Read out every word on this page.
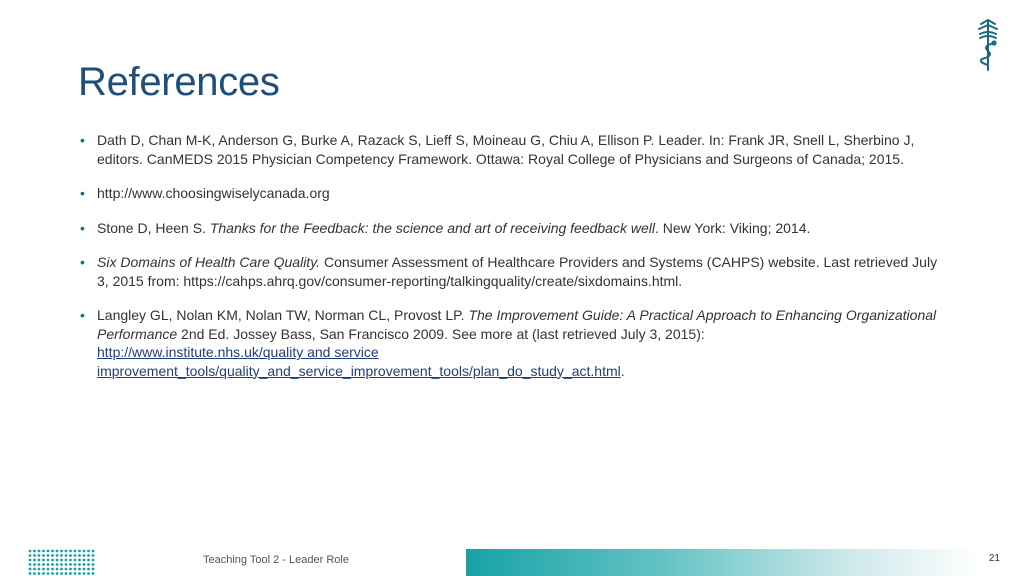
References
• Dath D, Chan M-K, Anderson G, Burke A, Razack S, Lieff S, Moineau G, Chiu A, Ellison P. Leader. In: Frank JR, Snell L, Sherbino J, editors. CanMEDS 2015 Physician Competency Framework. Ottawa: Royal College of Physicians and Surgeons of Canada; 2015.
• http://www.choosingwiselycanada.org
• Stone D, Heen S. Thanks for the Feedback: the science and art of receiving feedback well. New York: Viking; 2014.
• Six Domains of Health Care Quality. Consumer Assessment of Healthcare Providers and Systems (CAHPS) website. Last retrieved July 3, 2015 from: https://cahps.ahrq.gov/consumer-reporting/talkingquality/create/sixdomains.html.
• Langley GL, Nolan KM, Nolan TW, Norman CL, Provost LP. The Improvement Guide: A Practical Approach to Enhancing Organizational Performance 2nd Ed. Jossey Bass, San Francisco 2009. See more at (last retrieved July 3, 2015):
http://www.institute.nhs.uk/quality and service
improvement_tools/quality_and_service_improvement_tools/plan_do_study_act.html.
Teaching Tool 2 - Leader Role	21
